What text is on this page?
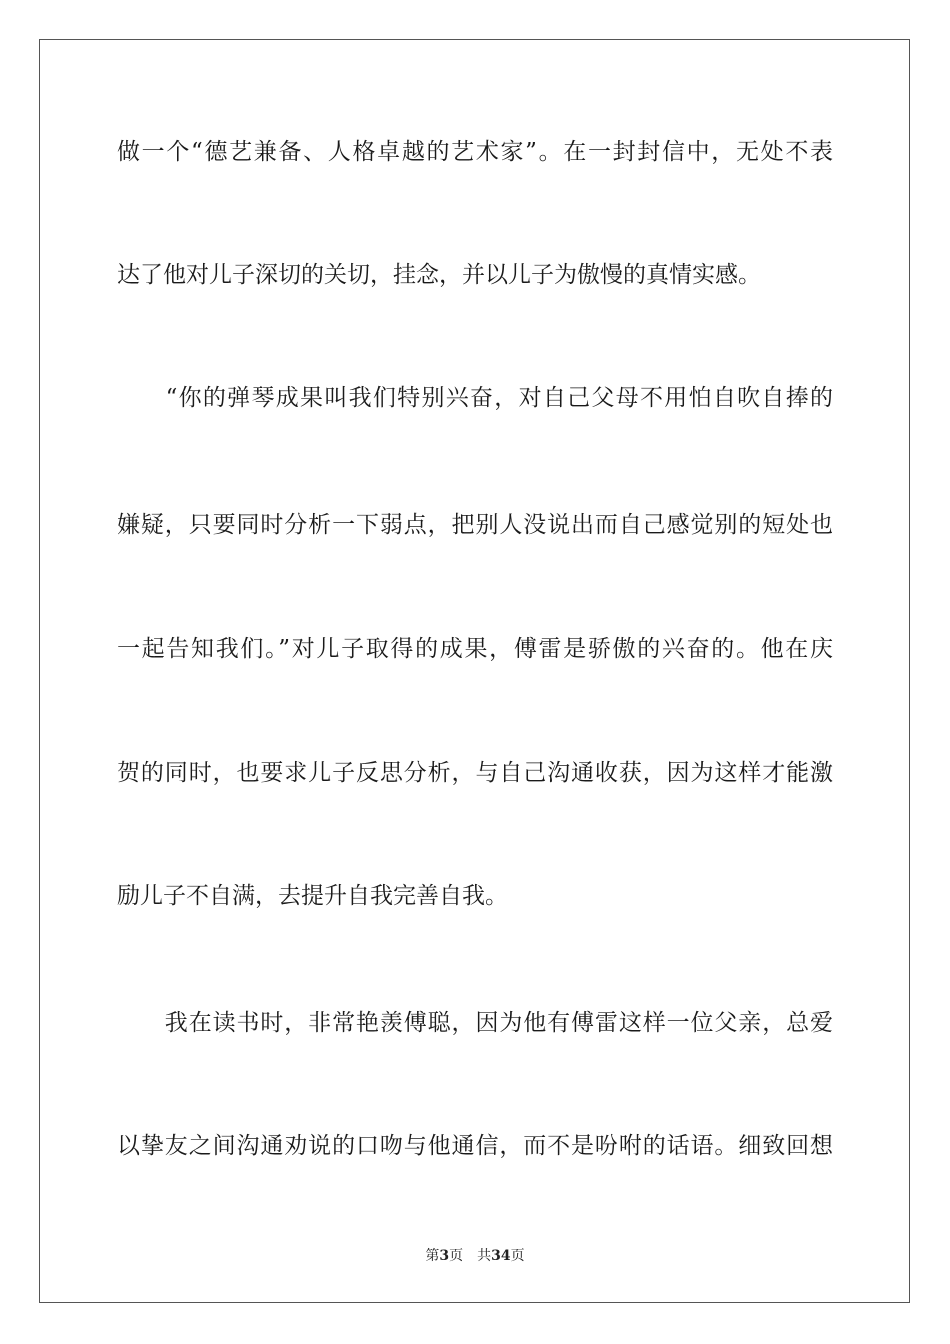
做一个“德艺兼备、人格卓越的艺术家”。在一封封信中，无处不表
达了他对儿子深切的关切，挂念，并以儿子为傲慢的真情实感。
　　“你的弹琴成果叫我们特别兴奋，对自己父母不用怕自吹自捧的
嫌疑，只要同时分析一下弱点，把别人没说出而自己感觉别的短处也
一起告知我们。”对儿子取得的成果，傅雷是骄傲的兴奋的。他在庆
贺的同时，也要求儿子反思分析，与自己沟通收获，因为这样才能激
励儿子不自满，去提升自我完善自我。
　　我在读书时，非常艳羡傅聪，因为他有傅雷这样一位父亲，总爱
以挚友之间沟通劝说的口吻与他通信，而不是吩咐的话语。细致回想
第3页 共34页
